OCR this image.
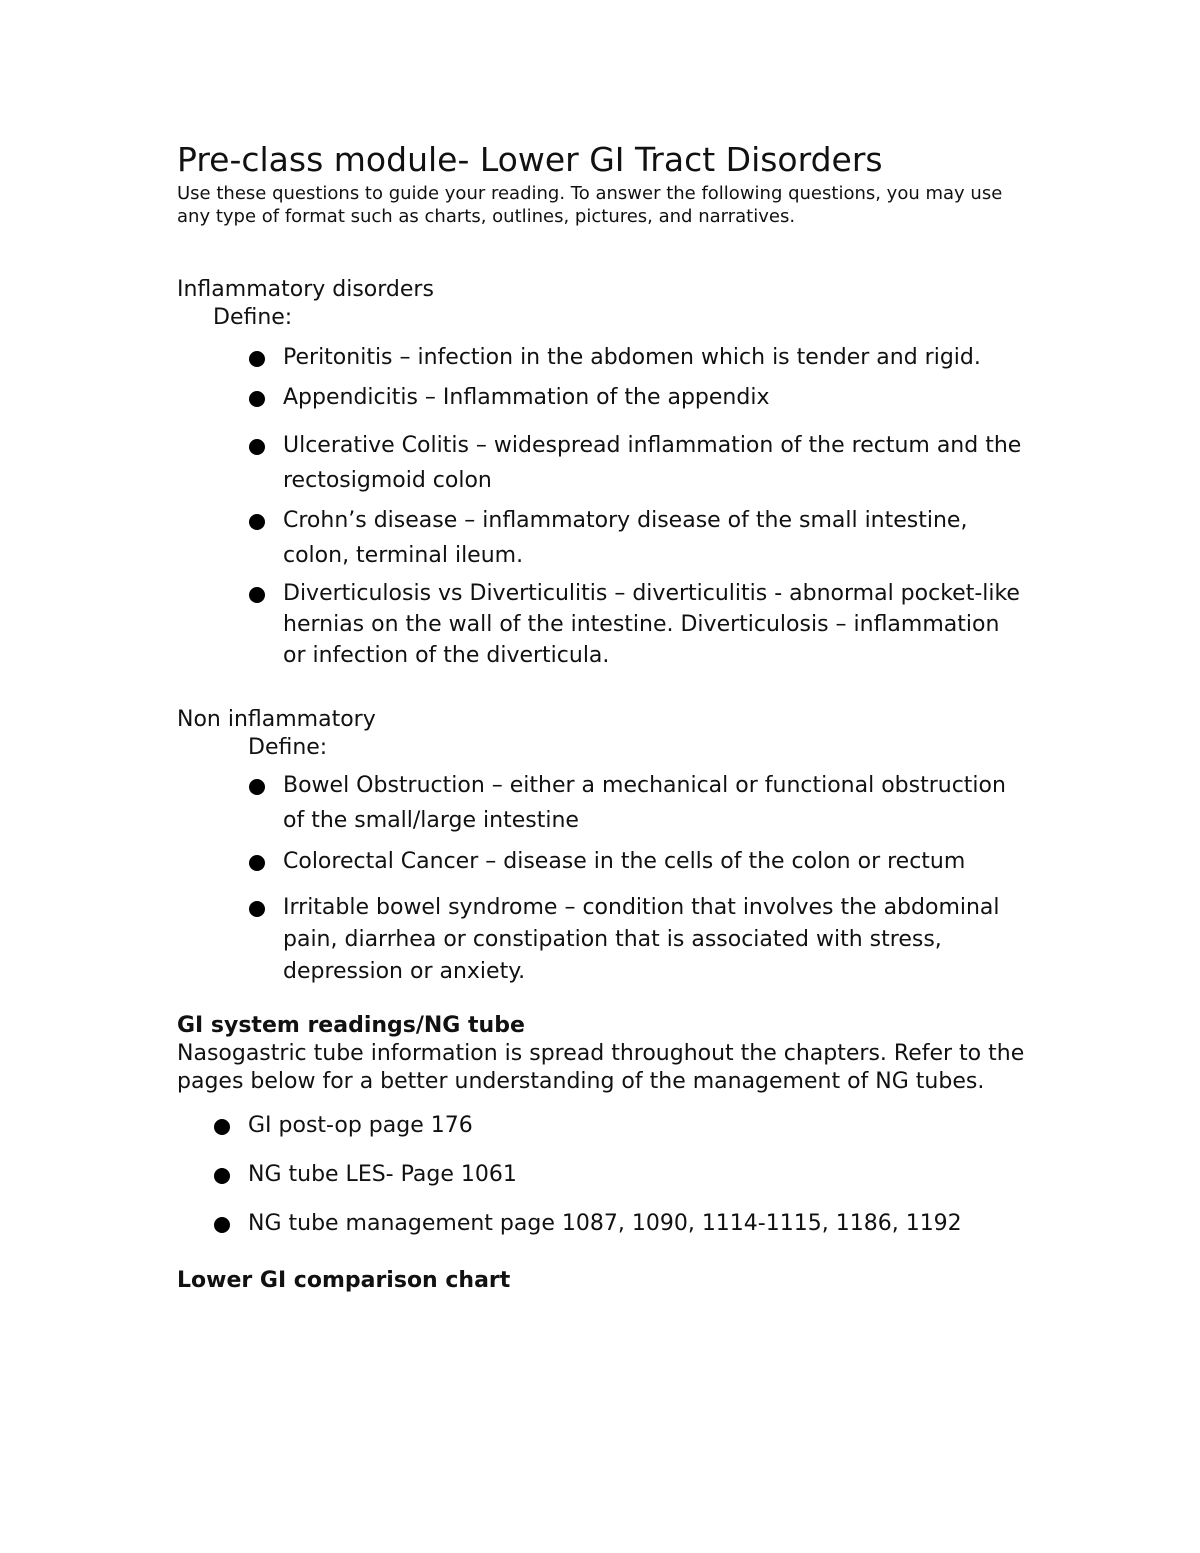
Pre-class module- Lower GI Tract Disorders

Use these questions to guide your reading. To answer the following questions, you may use any type of format such as charts, outlines, pictures, and narratives.

Inflammatory disorders

Define:

Peritonitis – infection in the abdomen which is tender and rigid.
Appendicitis – Inflammation of the appendix
Ulcerative Colitis – widespread inflammation of the rectum and the rectosigmoid colon
Crohn’s disease – inflammatory disease of the small intestine, colon, terminal ileum.
Diverticulosis vs Diverticulitis – diverticulitis - abnormal pocket-like hernias on the wall of the intestine. Diverticulosis – inflammation or infection of the diverticula.
Non inflammatory

Define:

Bowel Obstruction – either a mechanical or functional obstruction of the small/large intestine
Colorectal Cancer – disease in the cells of the colon or rectum
Irritable bowel syndrome – condition that involves the abdominal pain, diarrhea or constipation that is associated with stress, depression or anxiety.
GI system readings/NG tube

Nasogastric tube information is spread throughout the chapters. Refer to the pages below for a better understanding of the management of NG tubes.

GI post-op page 176
NG tube LES- Page 1061
NG tube management page 1087, 1090, 1114-1115, 1186, 1192
Lower GI comparison chart
